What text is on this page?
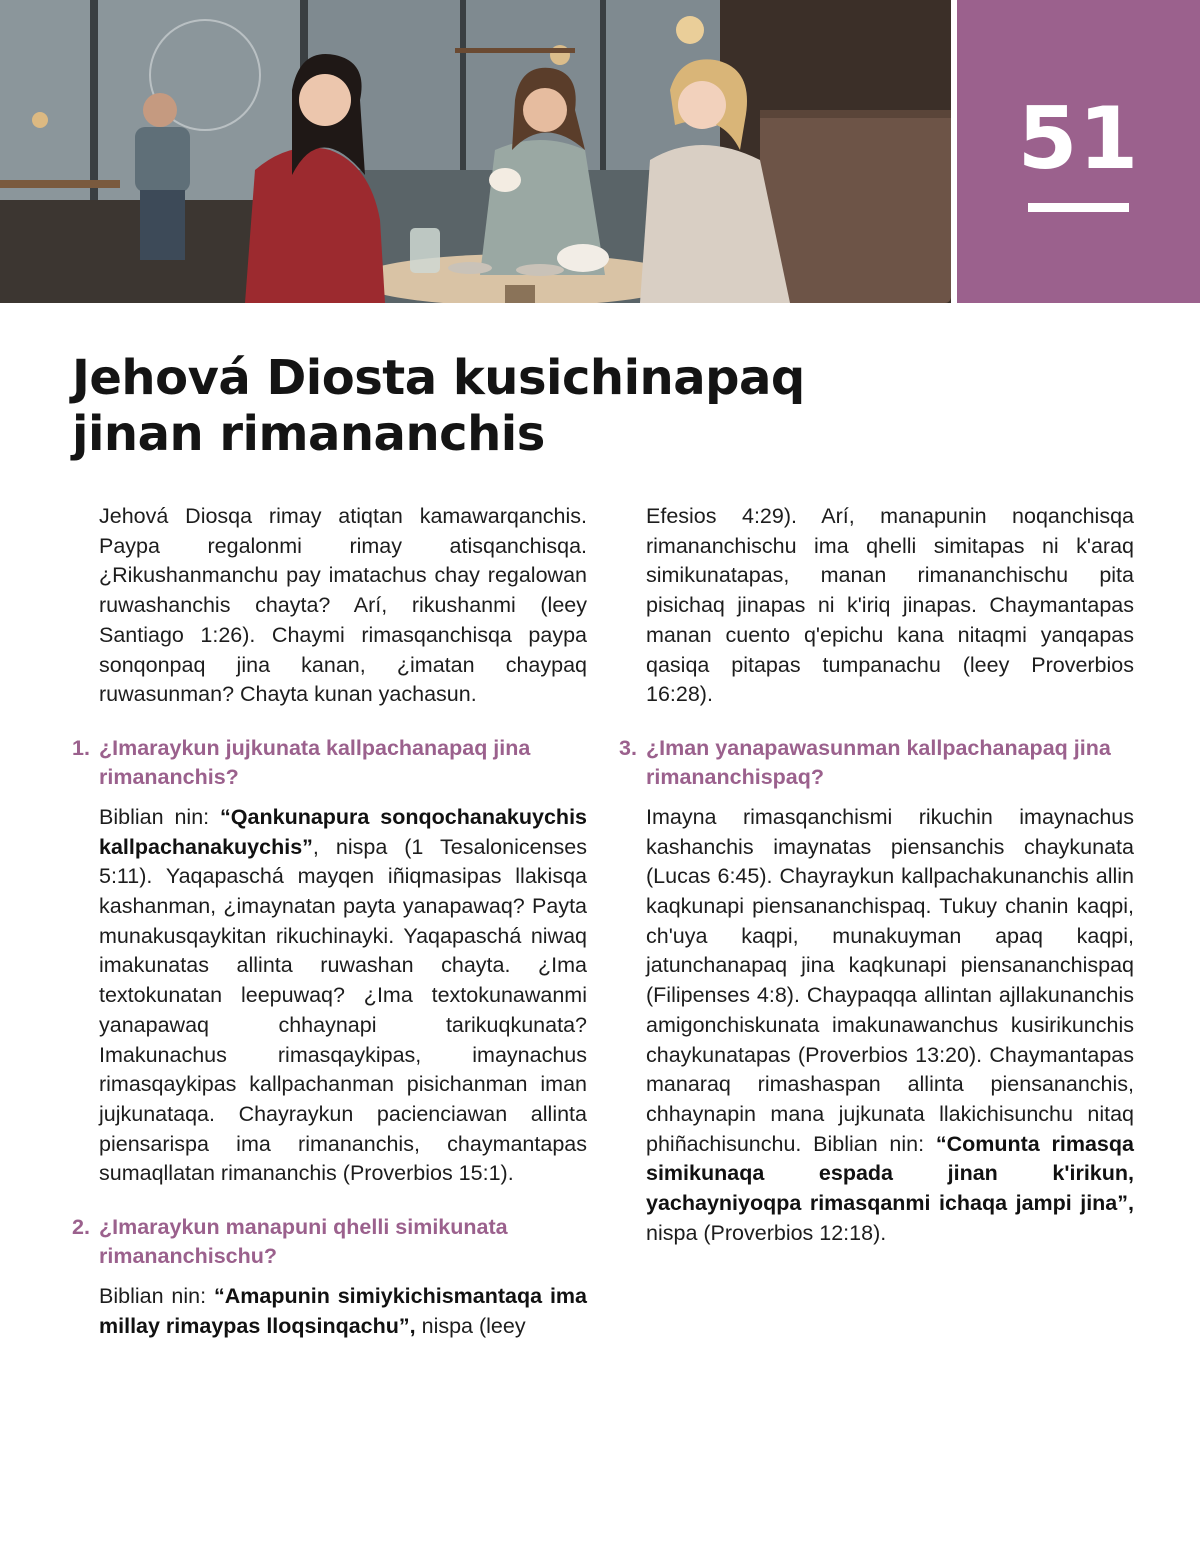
51
Jehová Diosta kusichinapaq
jinan rimananchis

Jehová Diosqa rimay atiqtan kamawarqanchis. Paypa regalonmi rimay atisqanchisqa. ¿Rikushanmanchu pay imatachus chay regalowan ruwashanchis chayta? Arí, rikushanmi (leey Santiago 1:26). Chaymi rimasqanchisqa paypa sonqonpaq jina kanan, ¿imatan chaypaq ruwasunman? Chayta kunan yachasun.

1. ¿Imaraykun jujkunata kallpachanapaq jina rimananchis?

Biblian nin: “Qankunapura sonqochanakuychis kallpachanakuychis”, nispa (1 Tesalonicenses 5:11). Yaqapaschá mayqen iñiqmasipas llakisqa kashanman, ¿imaynatan payta yanapawaq? Payta munakusqaykitan rikuchinayki. Yaqapaschá niwaq imakunatas allinta ruwashan chayta. ¿Ima textokunatan leepuwaq? ¿Ima textokunawanmi yanapawaq chhaynapi tarikuqkunata? Imakunachus rimasqaykipas, imaynachus rimasqaykipas kallpachanman pisichanman iman jujkunataqa. Chayraykun pacienciawan allinta piensarispa ima rimananchis, chaymantapas sumaqllatan rimananchis (Proverbios 15:1).

2. ¿Imaraykun manapuni qhelli simikunata rimananchischu?

Biblian nin: “Amapunin simiykichismantaqa ima millay rimaypas lloqsinqachu”, nispa (leey

Efesios 4:29). Arí, manapunin noqanchisqa rimananchischu ima qhelli simitapas ni k'araq simikunatapas, manan rimananchischu pita pisichaq jinapas ni k'iriq jinapas. Chaymantapas manan cuento q'epichu kana nitaqmi yanqapas qasiqa pitapas tumpanachu (leey Proverbios 16:28).

3. ¿Iman yanapawasunman kallpachanapaq jina rimananchispaq?

Imayna rimasqanchismi rikuchin imaynachus kashanchis imaynatas piensanchis chaykunata (Lucas 6:45). Chayraykun kallpachakunanchis allin kaqkunapi piensananchispaq. Tukuy chanin kaqpi, ch'uya kaqpi, munakuyman apaq kaqpi, jatunchanapaq jina kaqkunapi piensananchispaq (Filipenses 4:8). Chaypaqqa allintan ajllakunanchis amigonchiskunata imakunawanchus kusirikunchis chaykunatapas (Proverbios 13:20). Chaymantapas manaraq rimashaspan allinta piensananchis, chhaynapin mana jujkunata llakichisunchu nitaq phiñachisunchu. Biblian nin: “Comunta rimasqa simikunaqa espada jinan k'irikun, yachayniyoqpa rimasqanmi ichaqa jampi jina”, nispa (Proverbios 12:18).
